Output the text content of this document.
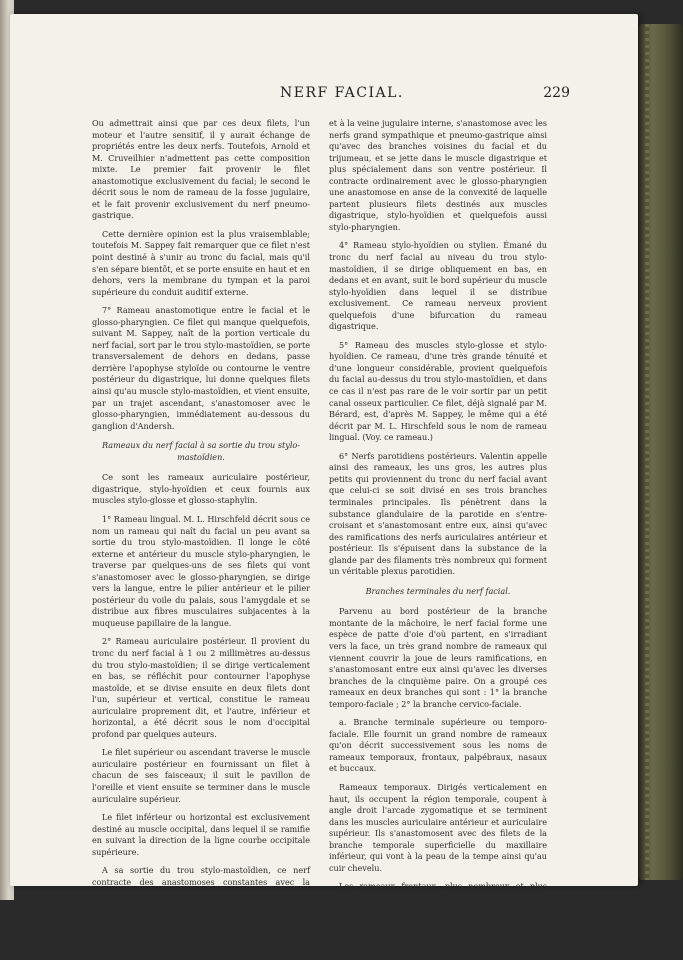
NERF FACIAL.	229

Ou admettrait ainsi que par ces deux filets, l'un moteur et l'autre sensitif, il y aurait échange de propriétés entre les deux nerfs. Toutefois, Arnold et M. Cruveilhier n'admettent pas cette composition mixte. Le premier fait provenir le filet anastomotique exclusivement du facial; le second le décrit sous le nom de rameau de la fosse jugulaire, et le fait provenir exclusivement du nerf pneumo-gastrique.

Cette dernière opinion est la plus vraisemblable; toutefois M. Sappey fait remarquer que ce filet n'est point destiné à s'unir au tronc du facial, mais qu'il s'en sépare bientôt, et se porte ensuite en haut et en dehors, vers la membrane du tympan et la paroi supérieure du conduit auditif externe.

7° Rameau anastomotique entre le facial et le glosso-pharyngien. Ce filet qui manque quelquefois, suivant M. Sappey, naît de la portion verticale du nerf facial, sort par le trou stylo-mastoïdien, se porte transversalement de dehors en dedans, passe derrière l'apophyse styloïde ou contourne le ventre postérieur du digastrique, lui donne quelques filets ainsi qu'au muscle stylo-mastoïdien, et vient ensuite, par un trajet ascendant, s'anastomoser avec le glosso-pharyngien, immédiatement au-dessous du ganglion d'Andersh.

Rameaux du nerf facial à sa sortie du trou stylo-mastoïdien.

Ce sont les rameaux auriculaire postérieur, digastrique, stylo-hyoïdien et ceux fournis aux muscles stylo-glosse et glosso-staphylin.

1° Rameau lingual. M. L. Hirschfeld décrit sous ce nom un rameau qui naît du facial un peu avant sa sortie du trou stylo-mastoïdien. Il longe le côté externe et antérieur du muscle stylo-pharyngien, le traverse par quelques-uns de ses filets qui vont s'anastomoser avec le glosso-pharyngien, se dirige vers la langue, entre le pilier antérieur et le pilier postérieur du voile du palais, sous l'amygdale et se distribue aux fibres musculaires subjacentes à la muqueuse papillaire de la langue.

2° Rameau auriculaire postérieur. Il provient du tronc du nerf facial à 1 ou 2 millimètres au-dessus du trou stylo-mastoïdien; il se dirige verticalement en bas, se réfléchit pour contourner l'apophyse mastoïde, et se divise ensuite en deux filets dont l'un, supérieur et vertical, constitue le rameau auriculaire proprement dit, et l'autre, inférieur et horizontal, a été décrit sous le nom d'occipital profond par quelques auteurs.

Le filet supérieur ou ascendant traverse le muscle auriculaire postérieur en fournissant un filet à chacun de ses faisceaux; il suit le pavillon de l'oreille et vient ensuite se terminer dans le muscle auriculaire supérieur.

Le filet inférieur ou horizontal est exclusivement destiné au muscle occipital, dans lequel il se ramifie en suivant la direction de la ligne courbe occipitale supérieure.

A sa sortie du trou stylo-mastoïdien, ce nerf contracte des anastomoses constantes avec la branche auriculaire du plexus cervical superficiel.

3° Rameau digastrique, encore appelé rameau mastoïdien postérieur. Il naît du facial à la même hauteur que le précédent; il donne, suivant Valentin, des branches à l'artère carotide

et à la veine jugulaire interne, s'anastomose avec les nerfs grand sympathique et pneumo-gastrique ainsi qu'avec des branches voisines du facial et du trijumeau, et se jette dans le muscle digastrique et plus spécialement dans son ventre postérieur. Il contracte ordinairement avec le glosso-pharyngien une anastomose en anse de la convexité de laquelle partent plusieurs filets destinés aux muscles digastrique, stylo-hyoïdien et quelquefois aussi stylo-pharyngien.

4° Rameau stylo-hyoïdien ou stylien. Émané du tronc du nerf facial au niveau du trou stylo-mastoïdien, il se dirige obliquement en bas, en dedans et en avant, suit le bord supérieur du muscle stylo-hyoïdien dans lequel il se distribue exclusivement. Ce rameau nerveux provient quelquefois d'une bifurcation du rameau digastrique.

5° Rameau des muscles stylo-glosse et stylo-hyoïdien. Ce rameau, d'une très grande ténuité et d'une longueur considérable, provient quelquefois du facial au-dessus du trou stylo-mastoïdien, et dans ce cas il n'est pas rare de le voir sortir par un petit canal osseux particulier. Ce filet, déjà signalé par M. Bérard, est, d'après M. Sappey, le même qui a été décrit par M. L. Hirschfeld sous le nom de rameau lingual. (Voy. ce rameau.)

6° Nerfs parotidiens postérieurs. Valentin appelle ainsi des rameaux, les uns gros, les autres plus petits qui proviennent du tronc du nerf facial avant que celui-ci se soit divisé en ses trois branches terminales principales. Ils pénètrent dans la substance glandulaire de la parotide en s'entre-croisant et s'anastomosant entre eux, ainsi qu'avec des ramifications des nerfs auriculaires antérieur et postérieur. Ils s'épuisent dans la substance de la glande par des filaments très nombreux qui forment un véritable plexus parotidien.

Branches terminales du nerf facial.

Parvenu au bord postérieur de la branche montante de la mâchoire, le nerf facial forme une espèce de patte d'oie d'où partent, en s'irradiant vers la face, un très grand nombre de rameaux qui viennent couvrir la joue de leurs ramifications, en s'anastomosant entre eux ainsi qu'avec les diverses branches de la cinquième paire. On a groupé ces rameaux en deux branches qui sont : 1° la branche temporo-faciale ; 2° la branche cervico-faciale.

a. Branche terminale supérieure ou temporo-faciale. Elle fournit un grand nombre de rameaux qu'on décrit successivement sous les noms de rameaux temporaux, frontaux, palpébraux, nasaux et buccaux.

Rameaux temporaux. Dirigés verticalement en haut, ils occupent la région temporale, coupent à angle droit l'arcade zygomatique et se terminent dans les muscles auriculaire antérieur et auriculaire supérieur. Ils s'anastomosent avec des filets de la branche temporale superficielle du maxillaire inférieur, qui vont à la peau de la tempe ainsi qu'au cuir chevelu.

Les rameaux frontaux, plus nombreux et plus volumineux que les précédents, sont obliquement dirigés en haut et en
